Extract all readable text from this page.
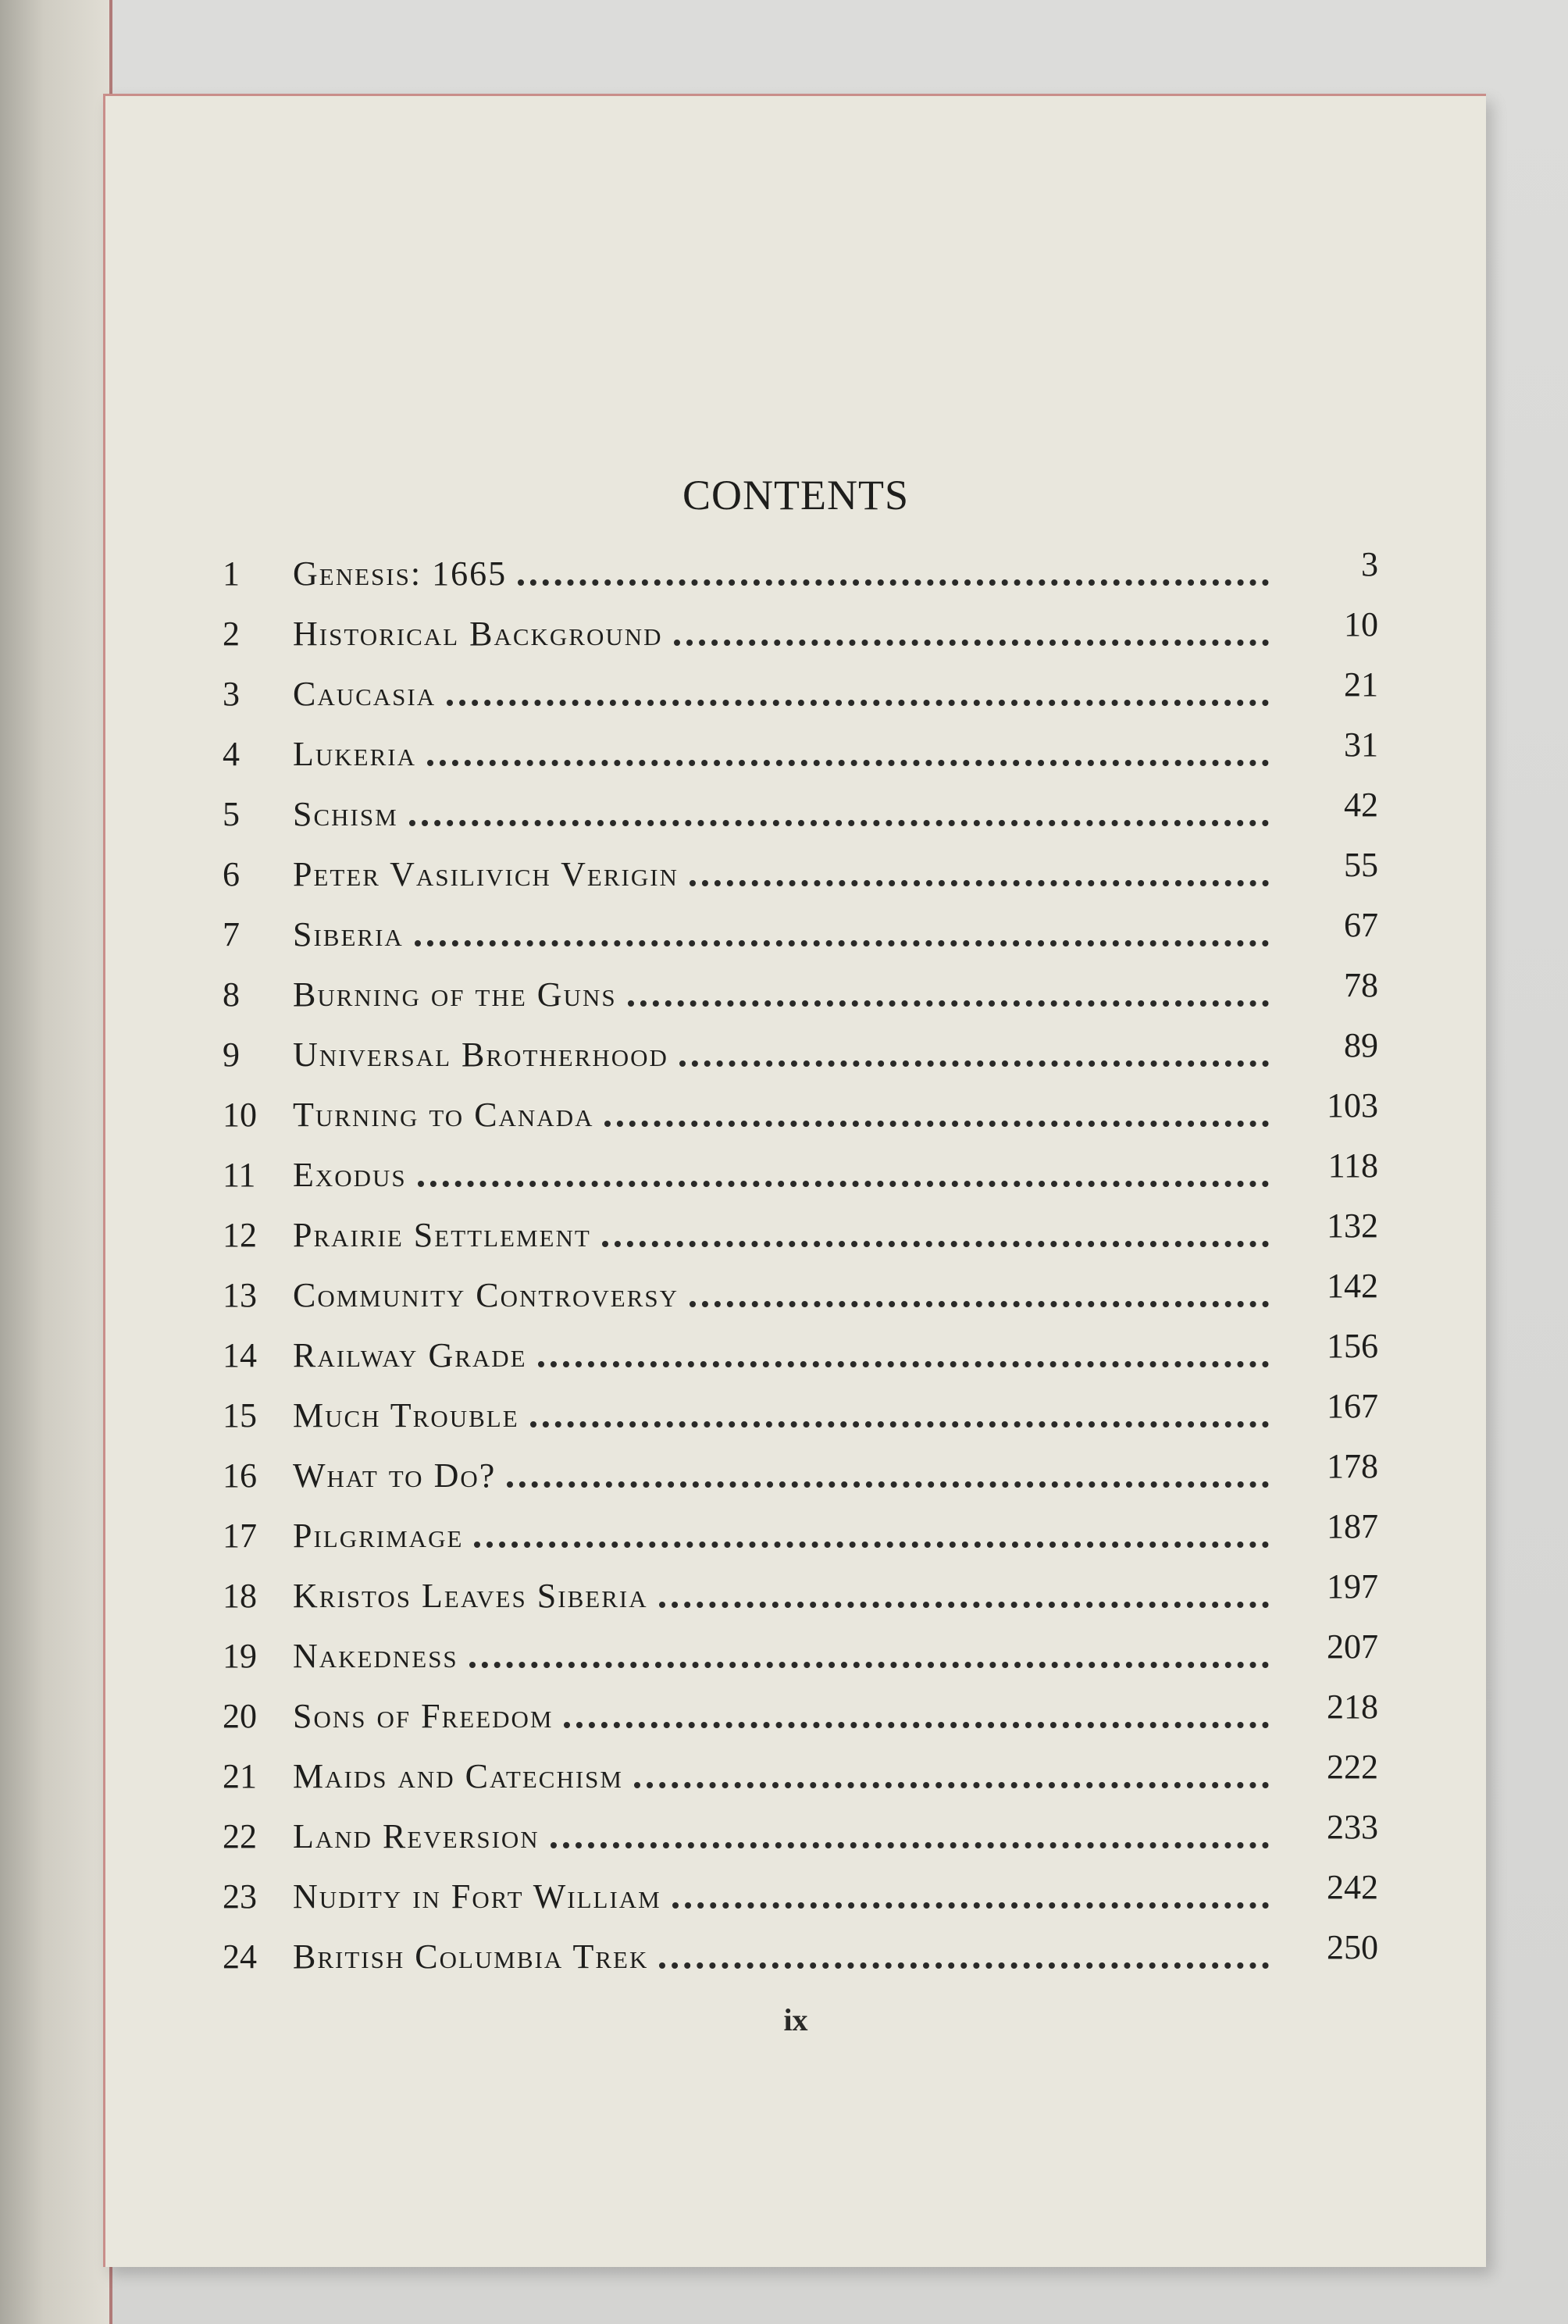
CONTENTS
1	Genesis: 1665	3
2	Historical Background	10
3	Caucasia	21
4	Lukeria	31
5	Schism	42
6	Peter Vasilivich Verigin	55
7	Siberia	67
8	Burning of the Guns	78
9	Universal Brotherhood	89
10	Turning to Canada	103
11	Exodus	118
12	Prairie Settlement	132
13	Community Controversy	142
14	Railway Grade	156
15	Much Trouble	167
16	What to Do?	178
17	Pilgrimage	187
18	Kristos Leaves Siberia	197
19	Nakedness	207
20	Sons of Freedom	218
21	Maids and Catechism	222
22	Land Reversion	233
23	Nudity in Fort William	242
24	British Columbia Trek	250
ix
